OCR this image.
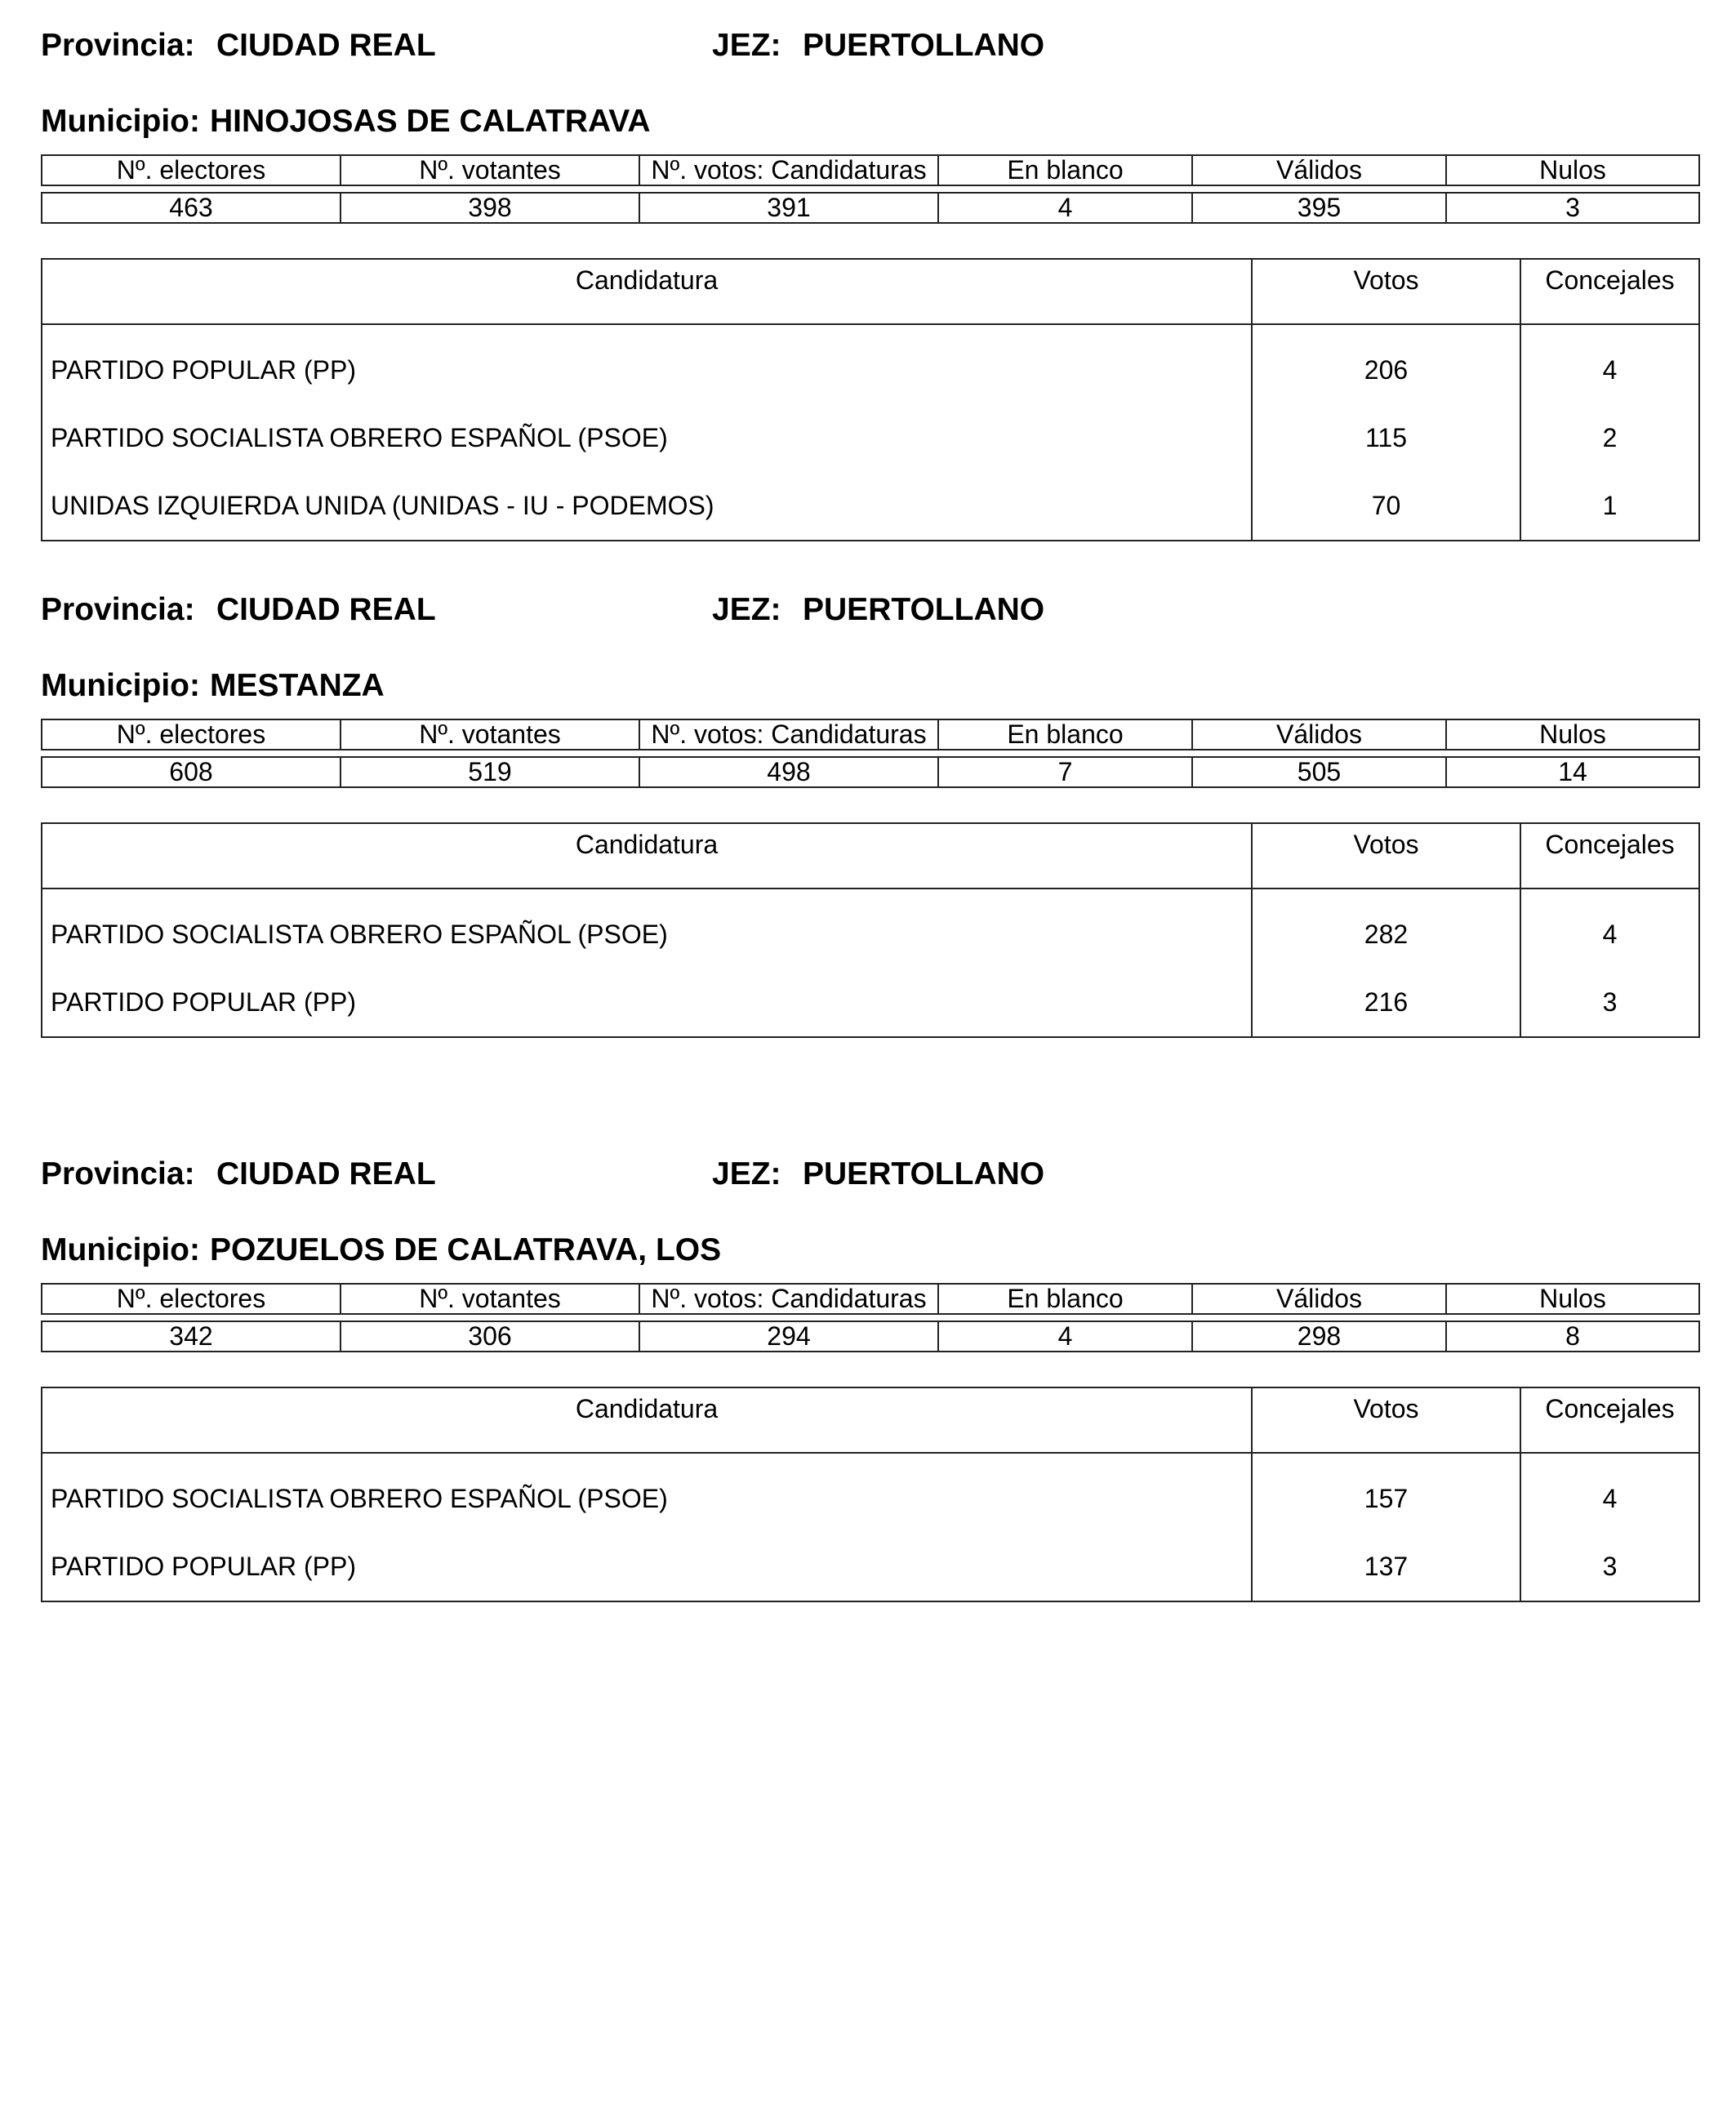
Provincia: CIUDAD REAL	JEZ: PUERTOLLANO
Municipio: HINOJOSAS DE CALATRAVA
Nº. electores	Nº. votantes	Nº. votos: Candidaturas	En blanco	Válidos	Nulos

463	398	391	4	395	3
Candidatura	Votos	Concejales
PARTIDO POPULAR (PP)	206	4
PARTIDO SOCIALISTA OBRERO ESPAÑOL (PSOE)	115	2
UNIDAS IZQUIERDA UNIDA (UNIDAS - IU - PODEMOS)	70	1
Provincia: CIUDAD REAL	JEZ: PUERTOLLANO
Municipio: MESTANZA
Nº. electores	Nº. votantes	Nº. votos: Candidaturas	En blanco	Válidos	Nulos

608	519	498	7	505	14
Candidatura	Votos	Concejales
PARTIDO SOCIALISTA OBRERO ESPAÑOL (PSOE)	282	4
PARTIDO POPULAR (PP)	216	3
Provincia: CIUDAD REAL	JEZ: PUERTOLLANO
Municipio: POZUELOS DE CALATRAVA, LOS
Nº. electores	Nº. votantes	Nº. votos: Candidaturas	En blanco	Válidos	Nulos

342	306	294	4	298	8
Candidatura	Votos	Concejales
PARTIDO SOCIALISTA OBRERO ESPAÑOL (PSOE)	157	4
PARTIDO POPULAR (PP)	137	3
